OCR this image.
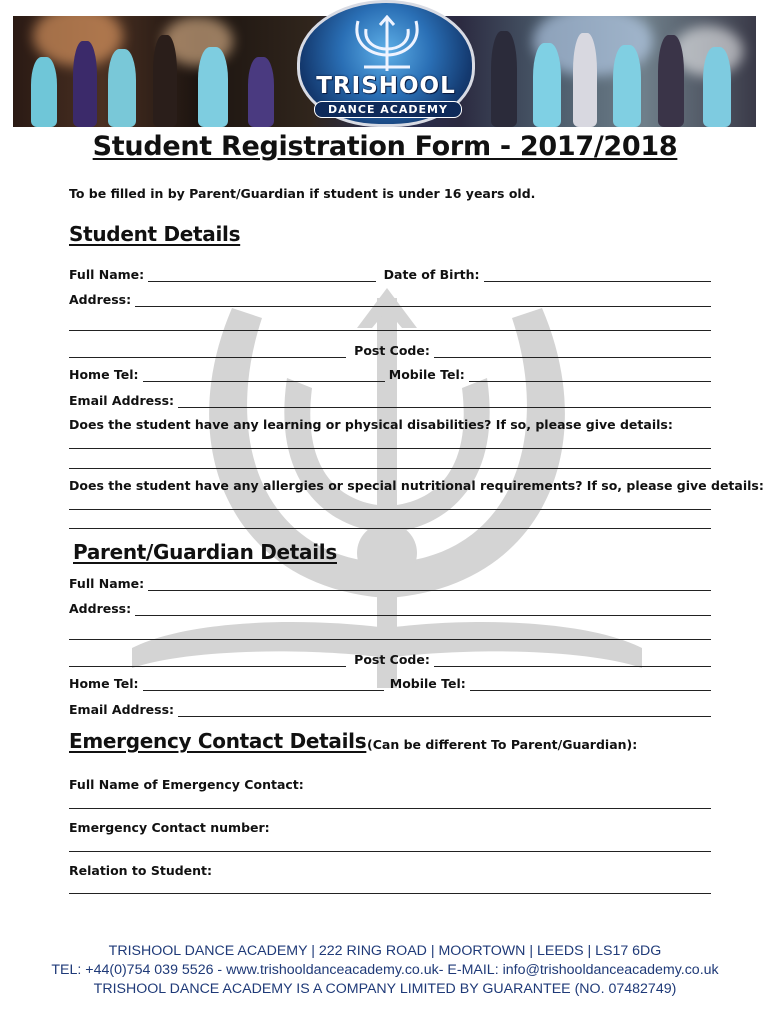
TRISHOOL
DANCE ACADEMY
Student Registration Form - 2017/2018
To be filled in by Parent/Guardian if student is under 16 years old.
Student Details
Full Name:	Date of Birth:
Address:
Post Code:
Home Tel:	Mobile Tel:
Email Address:
Does the student have any learning or physical disabilities? If so, please give details:
Does the student have any allergies or special nutritional requirements? If so, please give details:
Parent/Guardian Details
Full Name:
Address:
Post Code:
Home Tel:	Mobile Tel:
Email Address:
Emergency Contact Details (Can be different To Parent/Guardian):
Full Name of Emergency Contact:
Emergency Contact number:
Relation to Student:
TRISHOOL DANCE ACADEMY | 222 RING ROAD | MOORTOWN | LEEDS | LS17 6DG
TEL: +44(0)754 039 5526 - www.trishooldanceacademy.co.uk- E-MAIL: info@trishooldanceacademy.co.uk
TRISHOOL DANCE ACADEMY IS A COMPANY LIMITED BY GUARANTEE (NO. 07482749)
